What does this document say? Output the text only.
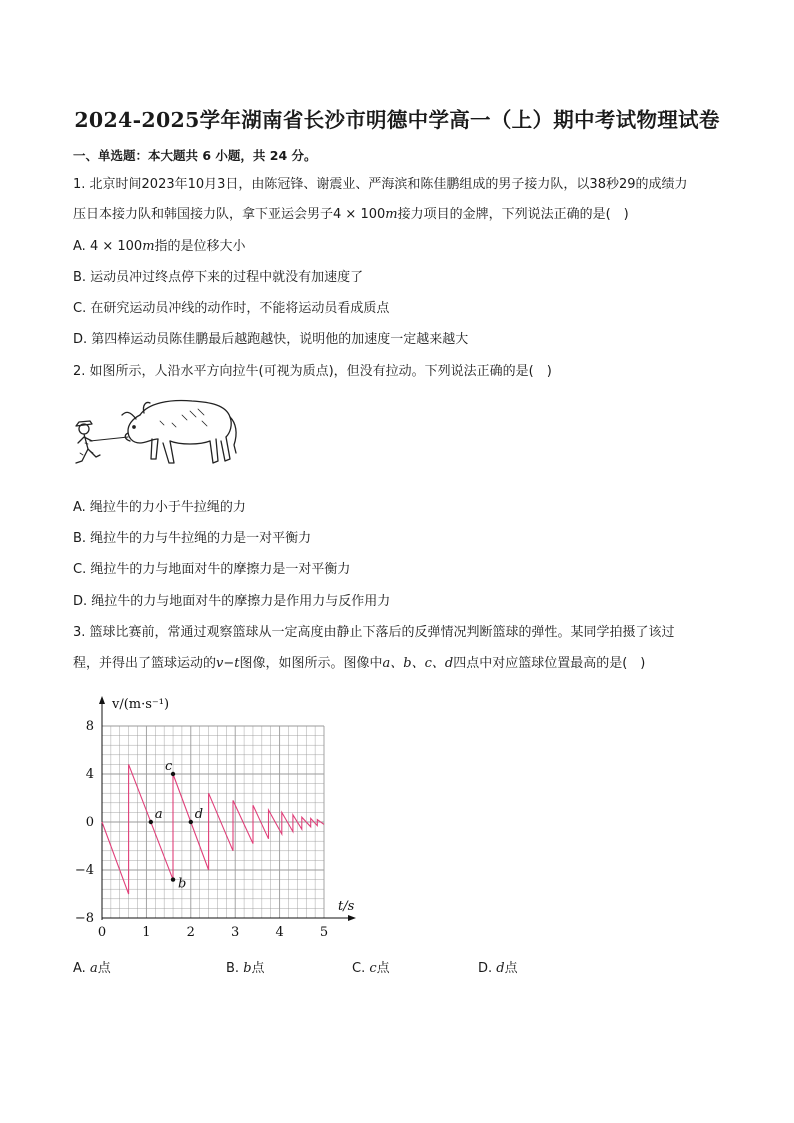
2024-2025学年湖南省长沙市明德中学高一（上）期中考试物理试卷
一、单选题：本大题共 6 小题，共 24 分。
1. 北京时间2023年10月3日，由陈冠锋、谢震业、严海滨和陈佳鹏组成的男子接力队，以38秒29的成绩力
压日本接力队和韩国接力队，拿下亚运会男子4 × 100m接力项目的金牌，下列说法正确的是(　)
A. 4 × 100m指的是位移大小
B. 运动员冲过终点停下来的过程中就没有加速度了
C. 在研究运动员冲线的动作时，不能将运动员看成质点
D. 第四棒运动员陈佳鹏最后越跑越快，说明他的加速度一定越来越大
2. 如图所示，人沿水平方向拉牛(可视为质点)，但没有拉动。下列说法正确的是(　)
A. 绳拉牛的力小于牛拉绳的力
B. 绳拉牛的力与牛拉绳的力是一对平衡力
C. 绳拉牛的力与地面对牛的摩擦力是一对平衡力
D. 绳拉牛的力与地面对牛的摩擦力是作用力与反作用力
3. 篮球比赛前，常通过观察篮球从一定高度由静止下落后的反弹情况判断篮球的弹性。某同学拍摄了该过
程，并得出了篮球运动的v−t图像，如图所示。图像中a、b、c、d四点中对应篮球位置最高的是(　)
v/(m·s⁻¹)
t/s
8
4
0
−4
−8
0	1	2	3	4	5
a
b
c
d
A. a点	B. b点	C. c点	D. d点
